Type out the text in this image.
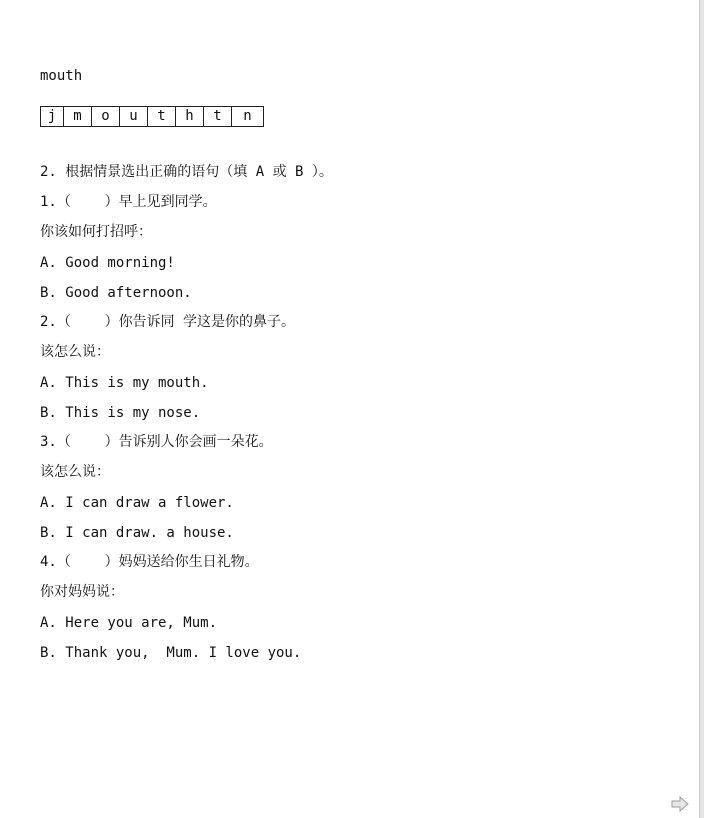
mouth
j	m	o	u	t	h	t	n
2. 根据情景选出正确的语句（填 A 或 B ）。
1.（    ）早上见到同学。
你该如何打招呼：
A. Good morning!
B. Good afternoon.
2.（    ）你告诉同 学这是你的鼻子。
该怎么说：
A. This is my mouth.
B. This is my nose.
3.（    ）告诉别人你会画一朵花。
该怎么说：
A. I can draw a flower.
B. I can draw. a house.
4.（    ）妈妈送给你生日礼物。
你对妈妈说：
A. Here you are, Mum.
B. Thank you,  Mum. I love you.
